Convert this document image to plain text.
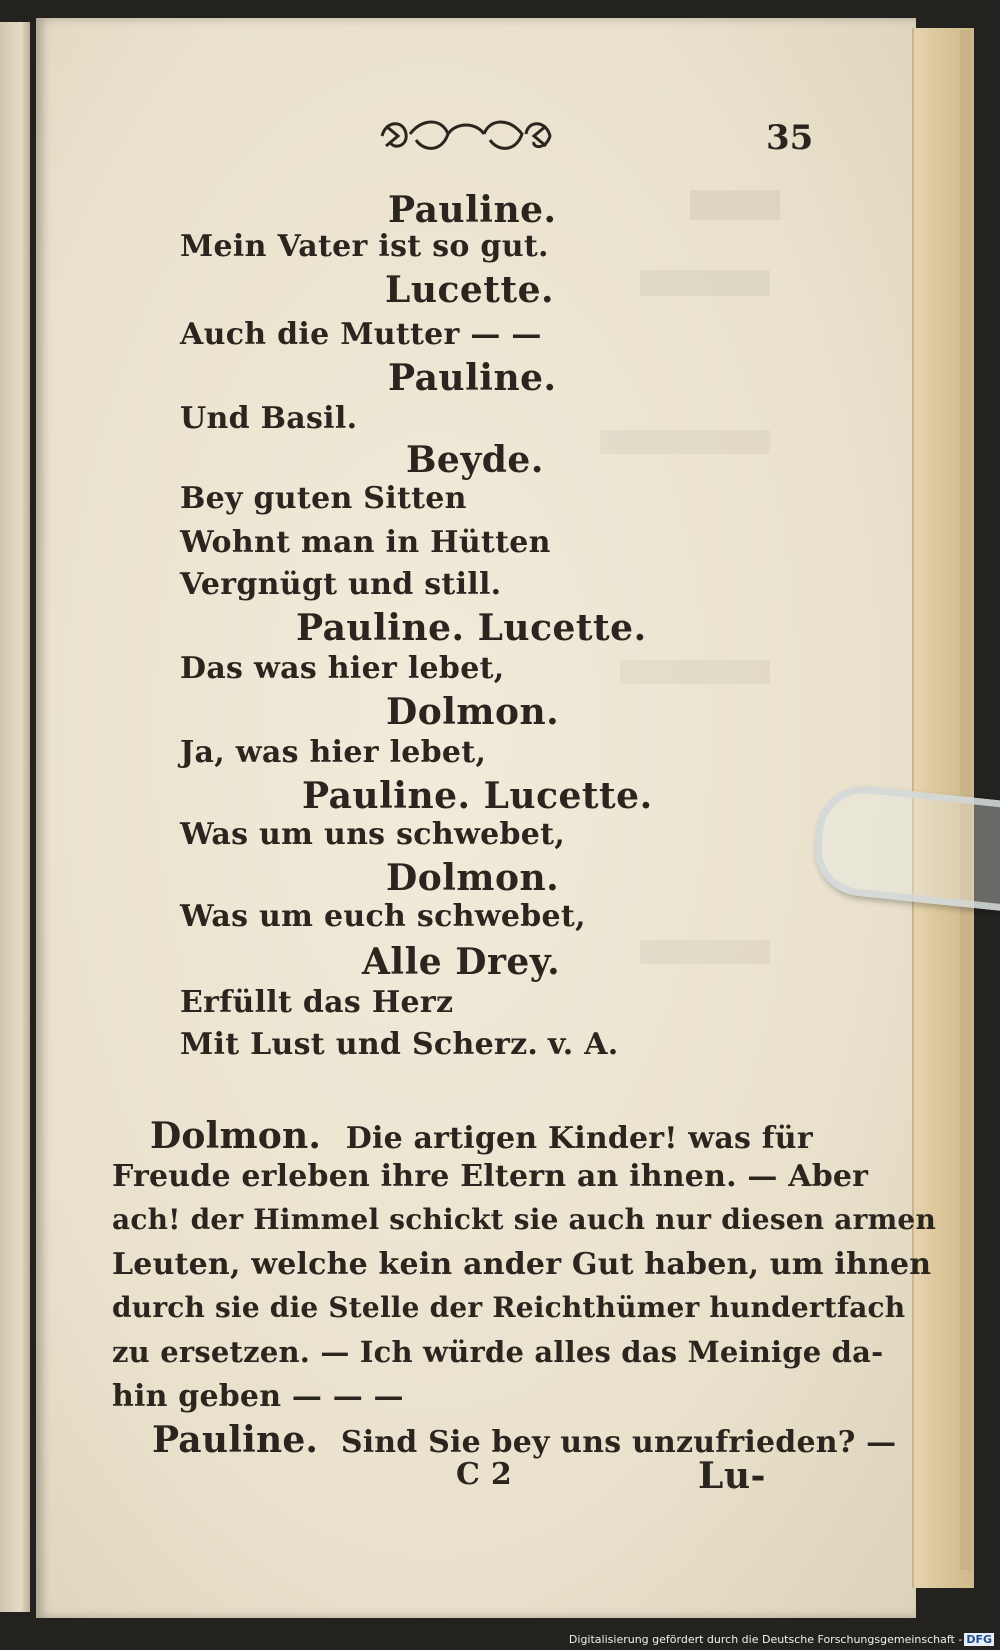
35
Pauline.
Mein Vater ist so gut.
Lucette.
Auch die Mutter — —
Pauline.
Und Basil.
Beyde.
Bey guten Sitten
Wohnt man in Hütten
Vergnügt und still.
Pauline. Lucette.
Das was hier lebet,
Dolmon.
Ja, was hier lebet,
Pauline. Lucette.
Was um uns schwebet,
Dolmon.
Was um euch schwebet,
Alle Drey.
Erfüllt das Herz
Mit Lust und Scherz. v. A.
Dolmon. Die artigen Kinder! was für
Freude erleben ihre Eltern an ihnen. — Aber
ach! der Himmel schickt sie auch nur diesen armen
Leuten, welche kein ander Gut haben, um ihnen
durch sie die Stelle der Reichthümer hundertfach
zu ersetzen. — Ich würde alles das Meinige da-
hin geben — — —
Pauline. Sind Sie bey uns unzufrieden? —
C 2	Lu-
Digitalisierung gefördert durch die Deutsche Forschungsgemeinschaft - DFG
